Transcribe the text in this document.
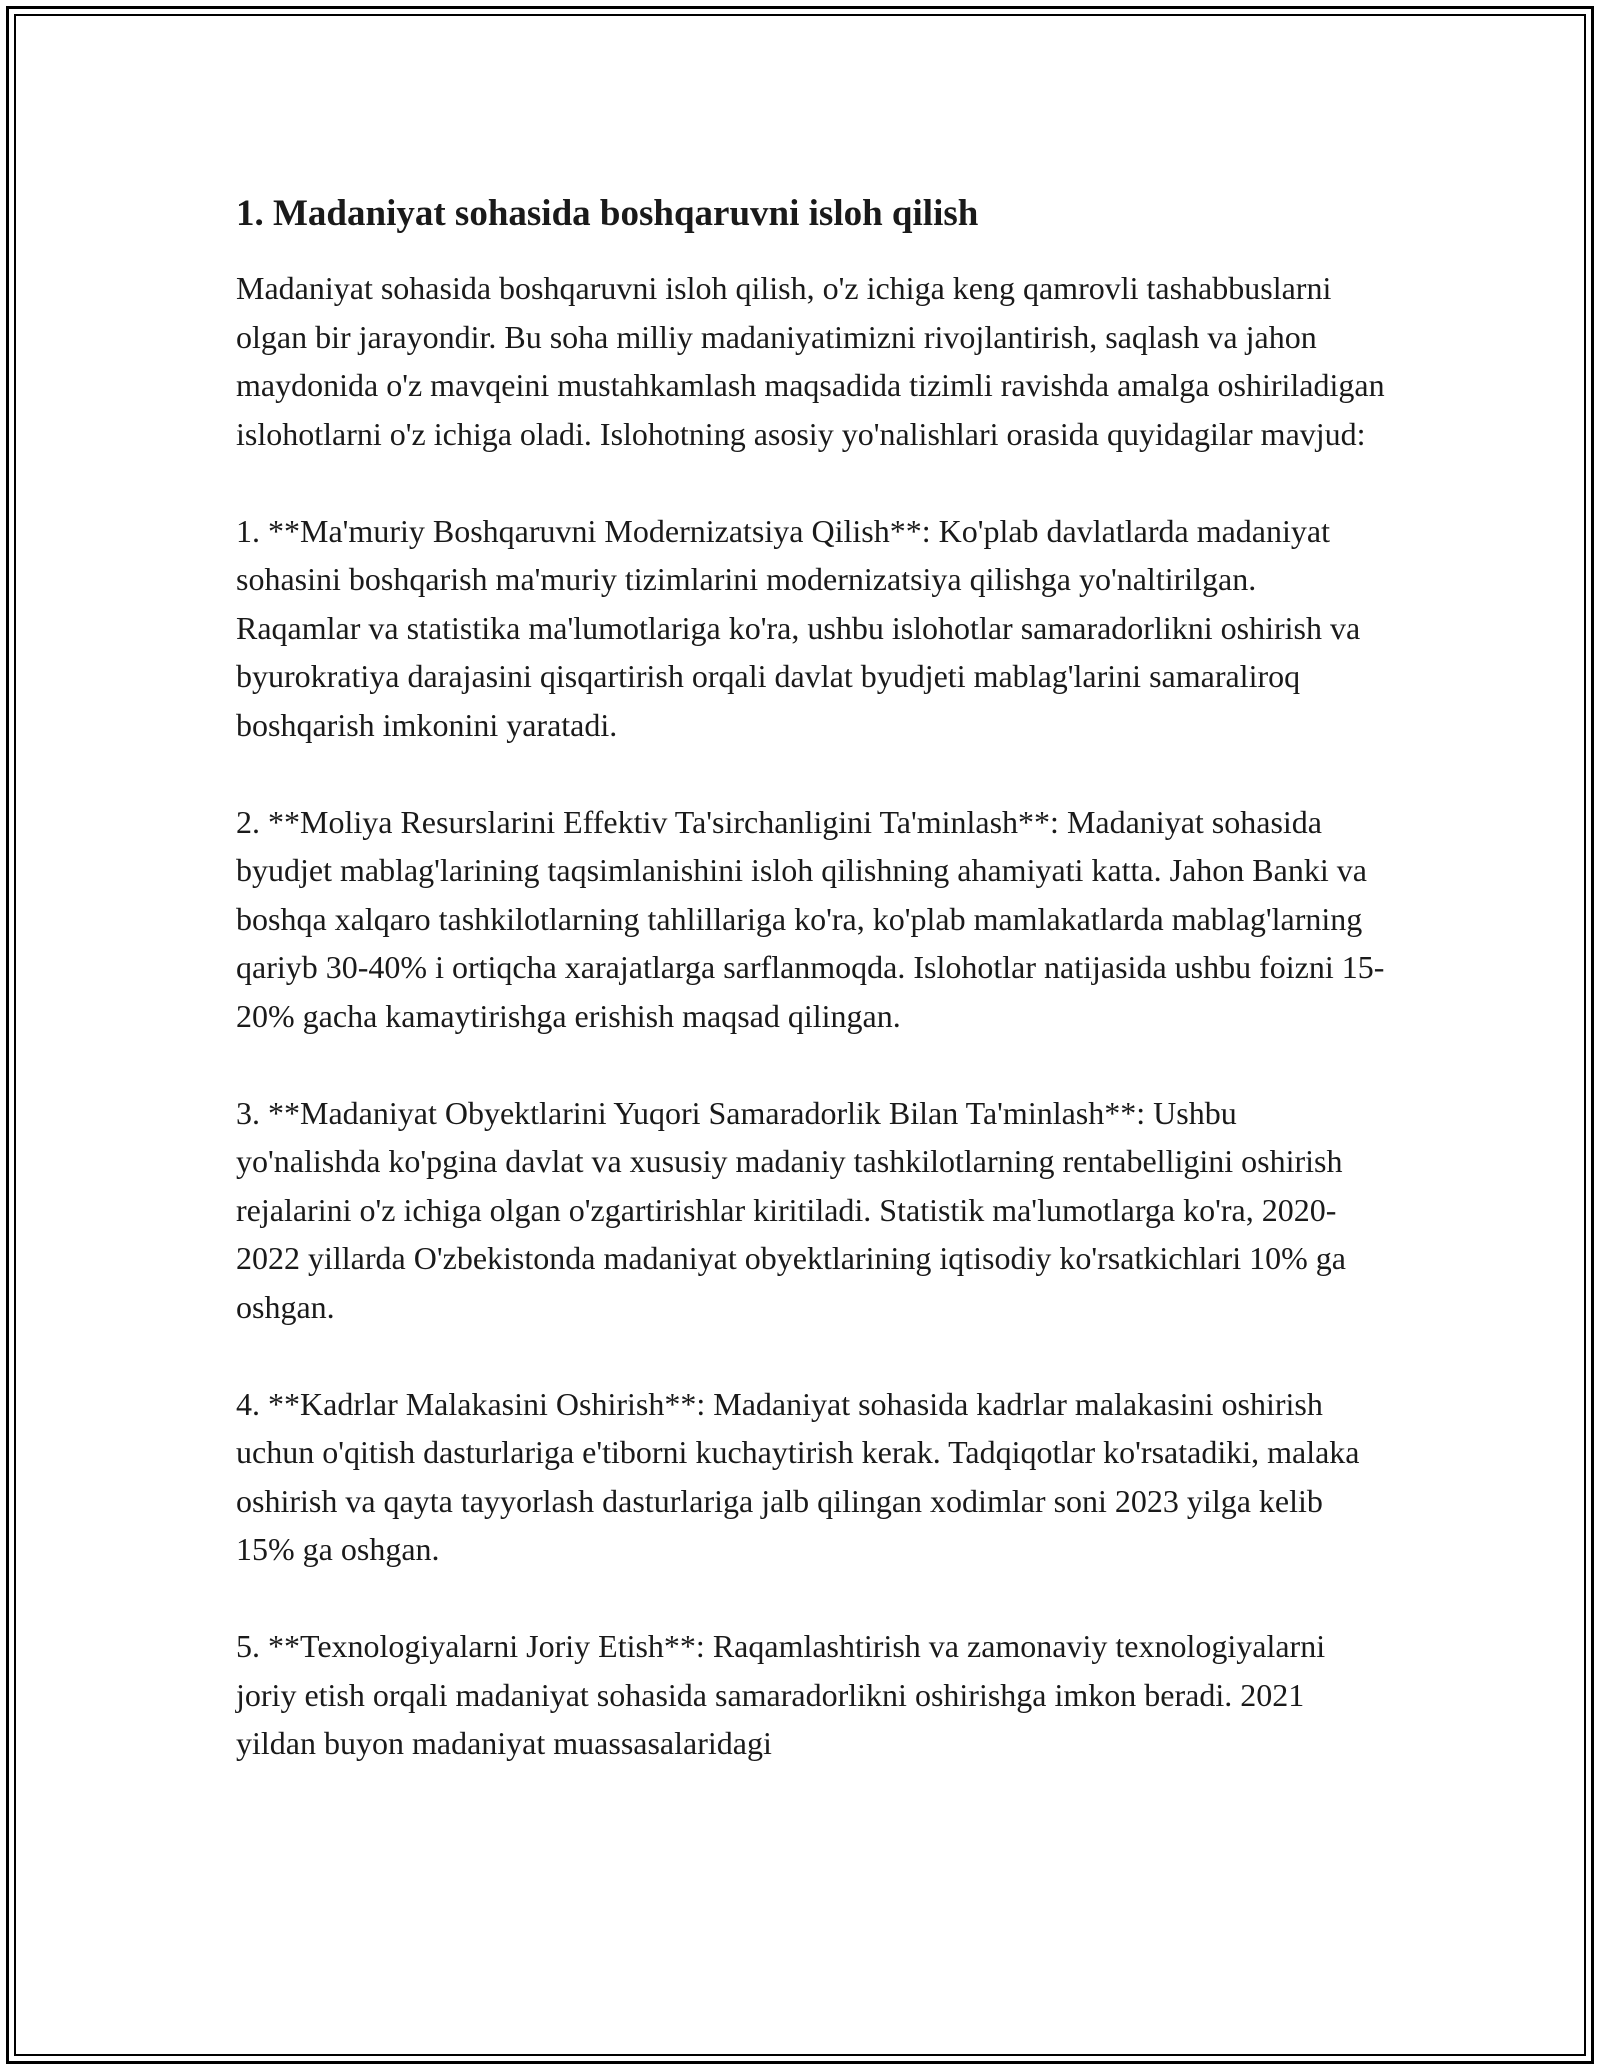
1. Madaniyat sohasida boshqaruvni isloh qilish

Madaniyat sohasida boshqaruvni isloh qilish, o'z ichiga keng qamrovli tashabbuslarni olgan bir jarayondir. Bu soha milliy madaniyatimizni rivojlantirish, saqlash va jahon maydonida o'z mavqeini mustahkamlash maqsadida tizimli ravishda amalga oshiriladigan islohotlarni o'z ichiga oladi. Islohotning asosiy yo'nalishlari orasida quyidagilar mavjud:

1. **Ma'muriy Boshqaruvni Modernizatsiya Qilish**: Ko'plab davlatlarda madaniyat sohasini boshqarish ma'muriy tizimlarini modernizatsiya qilishga yo'naltirilgan. Raqamlar va statistika ma'lumotlariga ko'ra, ushbu islohotlar samaradorlikni oshirish va byurokratiya darajasini qisqartirish orqali davlat byudjeti mablag'larini samaraliroq boshqarish imkonini yaratadi.

2. **Moliya Resurslarini Effektiv Ta'sirchanligini Ta'minlash**: Madaniyat sohasida byudjet mablag'larining taqsimlanishini isloh qilishning ahamiyati katta. Jahon Banki va boshqa xalqaro tashkilotlarning tahlillariga ko'ra, ko'plab mamlakatlarda mablag'larning qariyb 30-40% i ortiqcha xarajatlarga sarflanmoqda. Islohotlar natijasida ushbu foizni 15-20% gacha kamaytirishga erishish maqsad qilingan.

3. **Madaniyat Obyektlarini Yuqori Samaradorlik Bilan Ta'minlash**: Ushbu yo'nalishda ko'pgina davlat va xususiy madaniy tashkilotlarning rentabelligini oshirish rejalarini o'z ichiga olgan o'zgartirishlar kiritiladi. Statistik ma'lumotlarga ko'ra, 2020-2022 yillarda O'zbekistonda madaniyat obyektlarining iqtisodiy ko'rsatkichlari 10% ga oshgan.

4. **Kadrlar Malakasini Oshirish**: Madaniyat sohasida kadrlar malakasini oshirish uchun o'qitish dasturlariga e'tiborni kuchaytirish kerak. Tadqiqotlar ko'rsatadiki, malaka oshirish va qayta tayyorlash dasturlariga jalb qilingan xodimlar soni 2023 yilga kelib 15% ga oshgan.

5. **Texnologiyalarni Joriy Etish**: Raqamlashtirish va zamonaviy texnologiyalarni joriy etish orqali madaniyat sohasida samaradorlikni oshirishga imkon beradi. 2021 yildan buyon madaniyat muassasalaridagi
